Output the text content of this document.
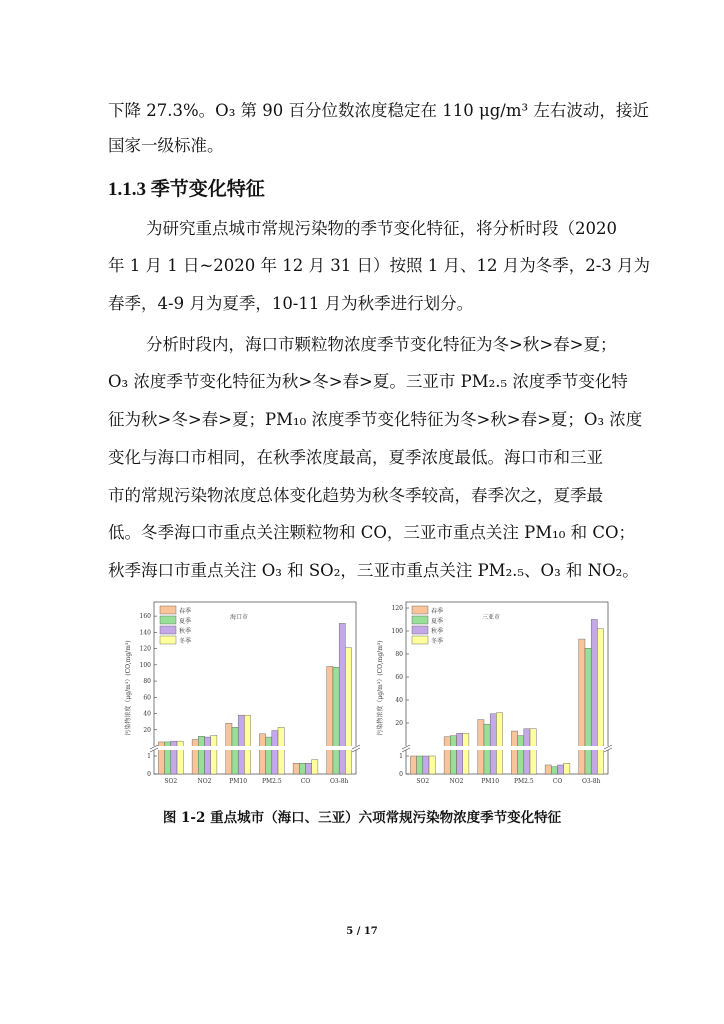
下降 27.3%。O₃ 第 90 百分位数浓度稳定在 110 μg/m³ 左右波动，接近
国家一级标准。
1.1.3 季节变化特征
为研究重点城市常规污染物的季节变化特征，将分析时段（2020
年 1 月 1 日~2020 年 12 月 31 日）按照 1 月、12 月为冬季，2-3 月为
春季，4-9 月为夏季，10-11 月为秋季进行划分。
分析时段内，海口市颗粒物浓度季节变化特征为冬>秋>春>夏；
O₃ 浓度季节变化特征为秋>冬>春>夏。三亚市 PM₂.₅ 浓度季节变化特
征为秋>冬>春>夏；PM₁₀ 浓度季节变化特征为冬>秋>春>夏；O₃ 浓度
变化与海口市相同，在秋季浓度最高，夏季浓度最低。海口市和三亚
市的常规污染物浓度总体变化趋势为秋冬季较高，春季次之，夏季最
低。冬季海口市重点关注颗粒物和 CO，三亚市重点关注 PM₁₀ 和 CO；
秋季海口市重点关注 O₃ 和 SO₂，三亚市重点关注 PM₂.₅、O₃ 和 NO₂。
污染物浓度（μg/m³）(CO,mg/m³) 20
40
60
80
100
120
140
160
0
1
SO2	NO2	PM10 PM2.5	CO	O3-8h
春季
夏季
秋季
冬季
海口市
污染物浓度（μg/m³）(CO,mg/m³) 20
40
60
80
100
120
0
1
SO2	NO2	PM10 PM2.5	CO	O3-8h
春季
夏季
秋季
冬季
三亚市
图 1-2 重点城市（海口、三亚）六项常规污染物浓度季节变化特征
5 / 17
